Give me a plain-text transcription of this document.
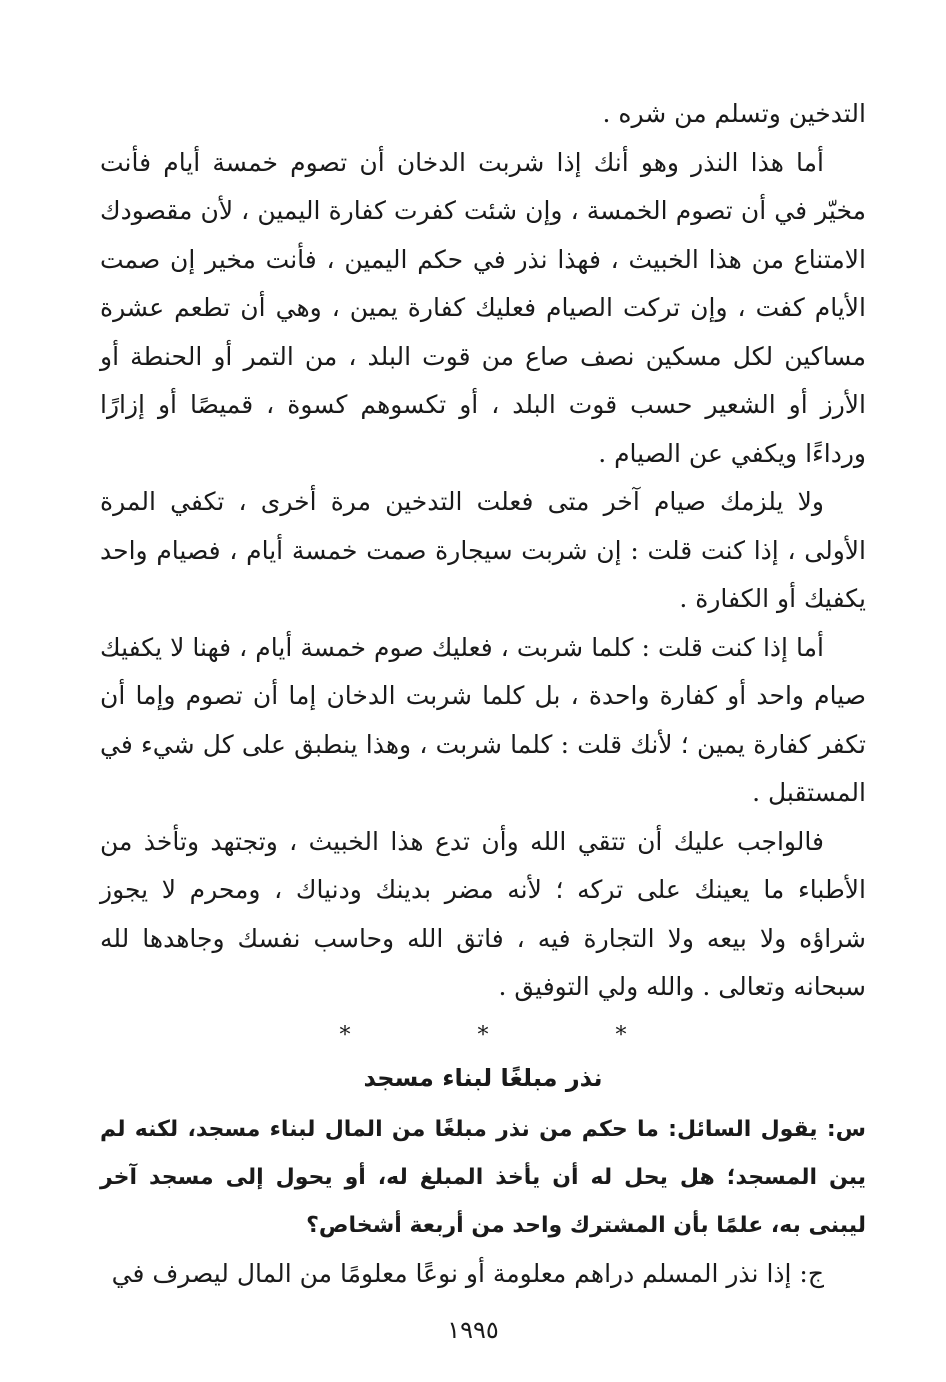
التدخين وتسلم من شره .

أما هذا النذر وهو أنك إذا شربت الدخان أن تصوم خمسة أيام فأنت مخيّر في أن تصوم الخمسة ، وإن شئت كفرت كفارة اليمين ، لأن مقصودك الامتناع من هذا الخبيث ، فهذا نذر في حكم اليمين ، فأنت مخير إن صمت الأيام كفت ، وإن تركت الصيام فعليك كفارة يمين ، وهي أن تطعم عشرة مساكين لكل مسكين نصف صاع من قوت البلد ، من التمر أو الحنطة أو الأرز أو الشعير حسب قوت البلد ، أو تكسوهم كسوة ، قميصًا أو إزارًا ورداءًا ويكفي عن الصيام .

ولا يلزمك صيام آخر متى فعلت التدخين مرة أخرى ، تكفي المرة الأولى ، إذا كنت قلت : إن شربت سيجارة صمت خمسة أيام ، فصيام واحد يكفيك أو الكفارة .

أما إذا كنت قلت : كلما شربت ، فعليك صوم خمسة أيام ، فهنا لا يكفيك صيام واحد أو كفارة واحدة ، بل كلما شربت الدخان إما أن تصوم وإما أن تكفر كفارة يمين ؛ لأنك قلت : كلما شربت ، وهذا ينطبق على كل شيء في المستقبل .

فالواجب عليك أن تتقي الله وأن تدع هذا الخبيث ، وتجتهد وتأخذ من الأطباء ما يعينك على تركه ؛ لأنه مضر بدينك ودنياك ، ومحرم لا يجوز شراؤه ولا بيعه ولا التجارة فيه ، فاتق الله وحاسب نفسك وجاهدها لله سبحانه وتعالى . والله ولي التوفيق .

* * *
نذر مبلغًا لبناء مسجد

س: يقول السائل: ما حكم من نذر مبلغًا من المال لبناء مسجد، لكنه لم يبن المسجد؛ هل يحل له أن يأخذ المبلغ له، أو يحول إلى مسجد آخر ليبنى به، علمًا بأن المشترك واحد من أربعة أشخاص؟

ج: إذا نذر المسلم دراهم معلومة أو نوعًا معلومًا من المال ليصرف في

١٩٩٥
